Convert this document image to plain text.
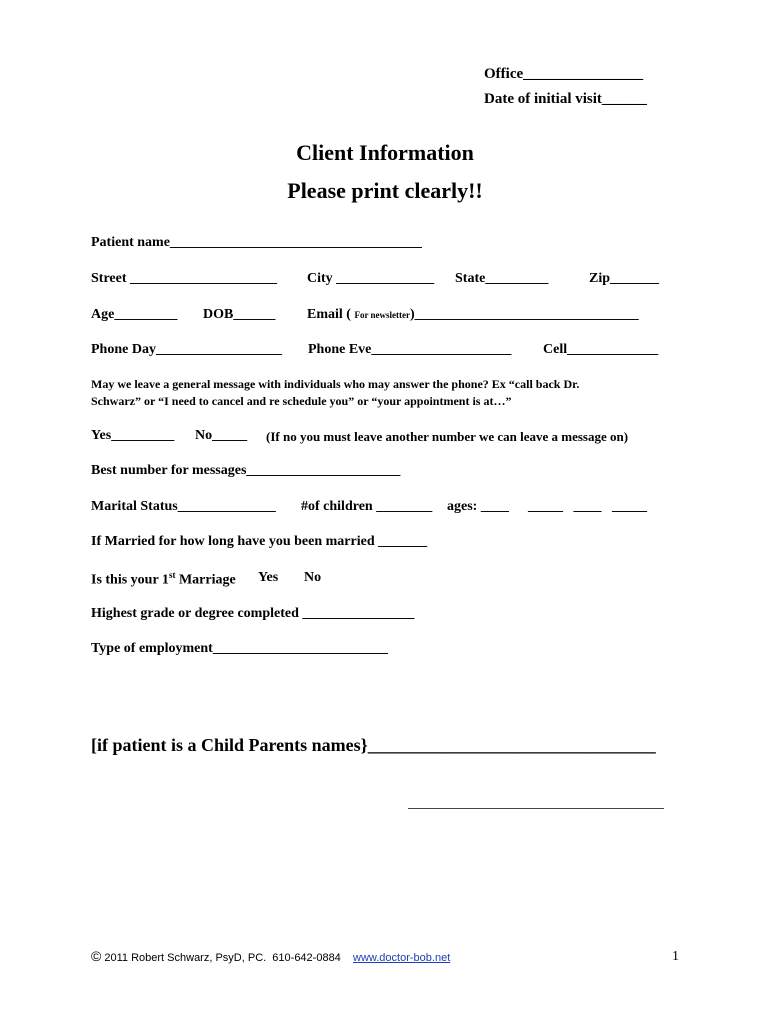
Office________________
Date of initial visit______
Client Information
Please print clearly!!
Patient name____________________________________
Street _____________________ City ______________ State_________	Zip_______
Age_________ DOB______ Email ( For newsletter)________________________________
Phone Day__________________ Phone Eve____________________ Cell_____________
May we leave a general message with individuals who may answer the phone? Ex “call back Dr.
Schwarz” or “I need to cancel and re schedule you” or “your appointment is at…”
Yes_________ No_____ (If no you must leave another number we can leave a message on)
Best number for messages______________________
Marital Status______________ #of children ________ ages: ____ _____   ____   _____
If Married for how long have you been married _______
Is this your 1st Marriage Yes No
Highest grade or degree completed ________________
Type of employment_________________________
[if patient is a Child Parents names}________________________________
© 2011 Robert Schwarz, PsyD, PC.  610-642-0884    www.doctor-bob.net	1
